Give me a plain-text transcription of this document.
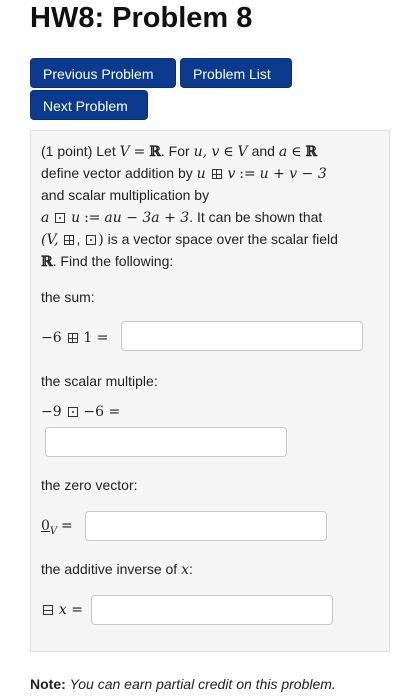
HW8: Problem 8
Previous Problem	Problem List
Next Problem
(1 point) Let V = ℝ. For u, v ∈ V and a ∈ ℝ
define vector addition by u v := u + v − 3
and scalar multiplication by
a u := au − 3a + 3. It can be shown that
(V, , ) is a vector space over the scalar field
ℝ. Find the following:
the sum:
−6 1 =
the scalar multiple:
−9 −6 =
the zero vector:
$0_V$ =
the additive inverse of x:
x =
Note: You can earn partial credit on this problem.
